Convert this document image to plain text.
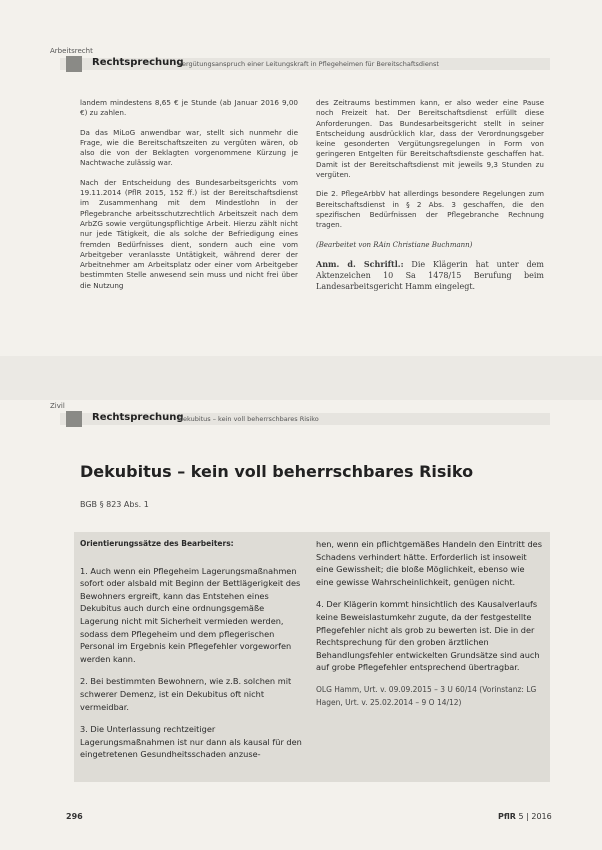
Arbeitsrecht
Rechtsprechung
Vergütungsanspruch einer Leitungskraft in Pflegeheimen für Bereitschaftsdienst

landem mindestens 8,65 € je Stunde (ab Januar 2016 9,00 €) zu zahlen.

Da das MiLoG anwendbar war, stellt sich nunmehr die Frage, wie die Bereitschaftszeiten zu vergüten wären, ob also die von der Beklagten vorgenommene Kürzung je Nachtwache zulässig war.

Nach der Entscheidung des Bundesarbeitsgerichts vom 19.11.2014 (PflR 2015, 152 ff.) ist der Bereitschaftsdienst im Zusammenhang mit dem Mindestlohn in der Pflegebranche arbeitsschutzrechtlich Arbeitszeit nach dem ArbZG sowie vergütungspflichtige Arbeit. Hierzu zählt nicht nur jede Tätigkeit, die als solche der Befriedigung eines fremden Bedürfnisses dient, sondern auch eine vom Arbeitgeber veranlasste Untätigkeit, während derer der Arbeitnehmer am Arbeitsplatz oder einer vom Arbeitgeber bestimmten Stelle anwesend sein muss und nicht frei über die Nutzung

des Zeitraums bestimmen kann, er also weder eine Pause noch Freizeit hat. Der Bereitschaftsdienst erfüllt diese Anforderungen. Das Bundesarbeitsgericht stellt in seiner Entscheidung ausdrücklich klar, dass der Verordnungsgeber keine gesonderten Vergütungsregelungen in Form von geringeren Entgelten für Bereitschaftsdienste geschaffen hat. Damit ist der Bereitschaftsdienst mit jeweils 9,3 Stunden zu vergüten.

Die 2. PflegeArbbV hat allerdings besondere Regelungen zum Bereitschaftsdienst in § 2 Abs. 3 geschaffen, die den spezifischen Bedürfnissen der Pflegebranche Rechnung tragen.

(Bearbeitet von RAin Christiane Buchmann)

Anm. d. Schriftl.: Die Klägerin hat unter dem Aktenzeichen 10 Sa 1478/15 Berufung beim Landesarbeitsgericht Hamm eingelegt.

Zivil
Rechtsprechung
Dekubitus – kein voll beherrschbares Risiko
Dekubitus – kein voll beherrschbares Risiko
BGB § 823 Abs. 1

Orientierungssätze des Bearbeiters:

1. Auch wenn ein Pflegeheim Lagerungsmaßnahmen sofort oder alsbald mit Beginn der Bettlägerigkeit des Bewohners ergreift, kann das Entstehen eines Dekubitus auch durch eine ordnungsgemäße Lagerung nicht mit Sicherheit vermieden werden, sodass dem Pflegeheim und dem pflegerischen Personal im Ergebnis kein Pflegefehler vorgeworfen werden kann.

2. Bei bestimmten Bewohnern, wie z.B. solchen mit schwerer Demenz, ist ein Dekubitus oft nicht vermeidbar.

3. Die Unterlassung rechtzeitiger Lagerungsmaßnahmen ist nur dann als kausal für den eingetretenen Gesundheitsschaden anzuse-

hen, wenn ein pflichtgemäßes Handeln den Eintritt des Schadens verhindert hätte. Erforderlich ist insoweit eine Gewissheit; die bloße Möglichkeit, ebenso wie eine gewisse Wahrscheinlichkeit, genügen nicht.

4. Der Klägerin kommt hinsichtlich des Kausalverlaufs keine Beweislastumkehr zugute, da der festgestellte Pflegefehler nicht als grob zu bewerten ist. Die in der Rechtsprechung für den groben ärztlichen Behandlungsfehler entwickelten Grundsätze sind auch auf grobe Pflegefehler entsprechend übertragbar.

OLG Hamm, Urt. v. 09.09.2015 – 3 U 60/14 (Vorinstanz: LG Hagen, Urt. v. 25.02.2014 – 9 O 14/12)

296	PflR 5 | 2016
